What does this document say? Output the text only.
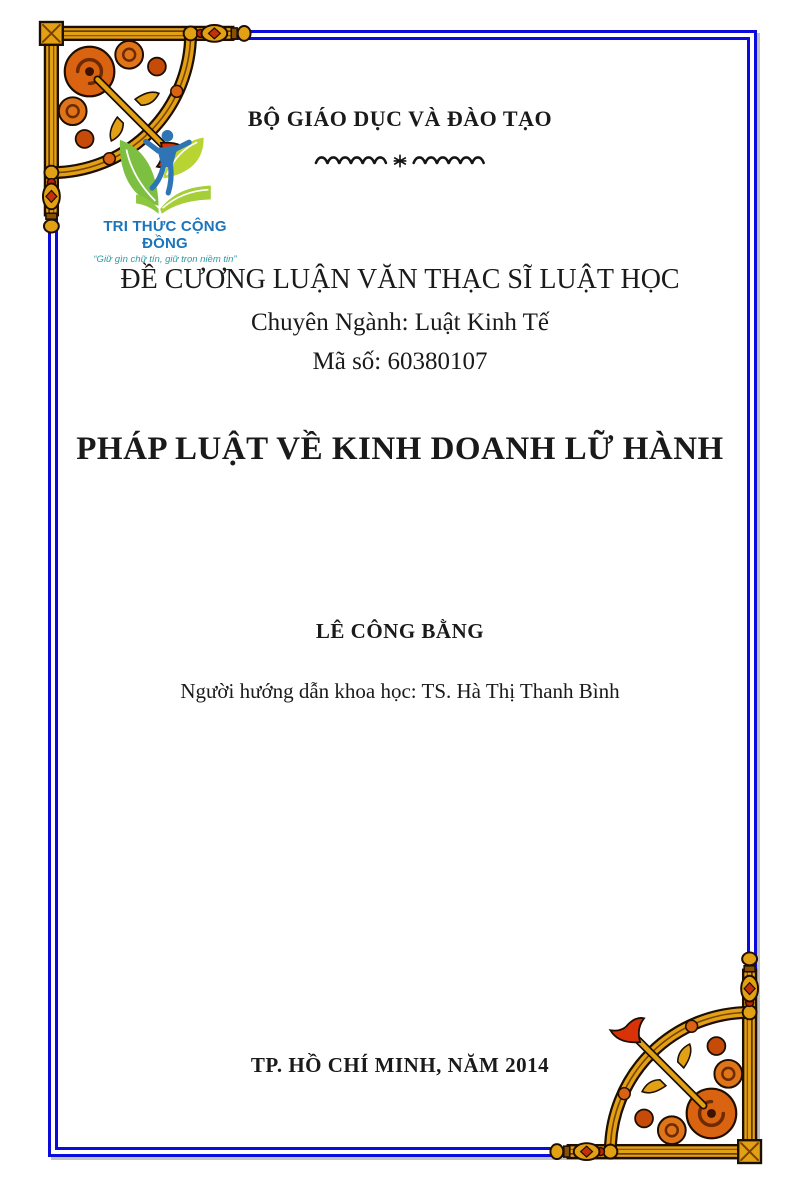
BỘ GIÁO DỤC VÀ ĐÀO TẠO
TRI THỨC CỘNG ĐỒNG
“Giữ gìn chữ tín, giữ trọn niềm tin”
ĐỀ CƯƠNG LUẬN VĂN THẠC SĨ LUẬT HỌC
Chuyên Ngành: Luật Kinh Tế
Mã số: 60380107
PHÁP LUẬT VỀ KINH DOANH LỮ HÀNH
LÊ CÔNG BẰNG
Người hướng dẫn khoa học: TS. Hà Thị Thanh Bình
TP. HỒ CHÍ MINH, NĂM 2014
